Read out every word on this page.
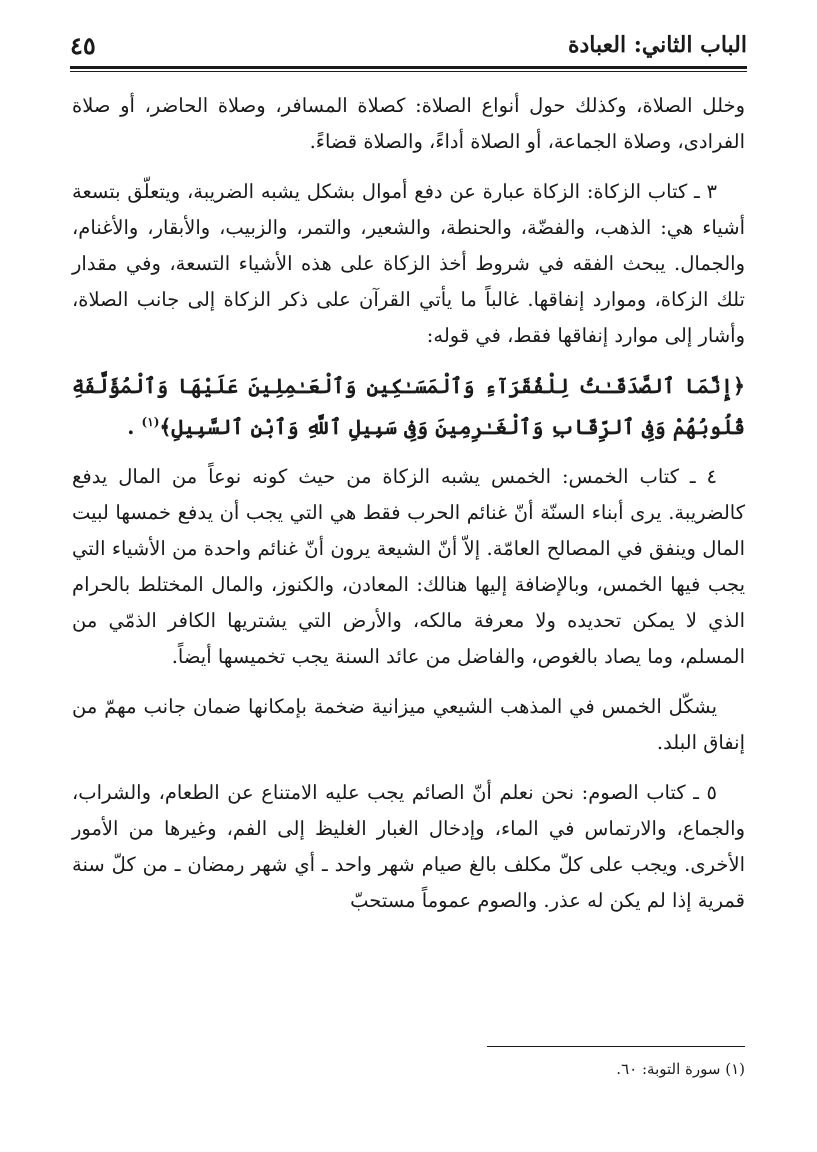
الباب الثاني: العبادة
٤٥

وخلل الصلاة، وكذلك حول أنواع الصلاة: كصلاة المسافر، وصلاة الحاضر، أو صلاة الفرادى، وصلاة الجماعة، أو الصلاة أداءً، والصلاة قضاءً.

٣ ـ كتاب الزكاة: الزكاة عبارة عن دفع أموال بشكل يشبه الضريبة، ويتعلّق بتسعة أشياء هي: الذهب، والفضّة، والحنطة، والشعير، والتمر، والزبيب، والأبقار، والأغنام، والجمال. يبحث الفقه في شروط أخذ الزكاة على هذه الأشياء التسعة، وفي مقدار تلك الزكاة، وموارد إنفاقها. غالباً ما يأتي القرآن على ذكر الزكاة إلى جانب الصلاة، وأشار إلى موارد إنفاقها فقط، في قوله:

﴿إِنَّمَا ٱلصَّدَقَـٰتُ لِلْفُقَرَآءِ وَٱلْمَسَـٰكِينِ وَٱلْعَـٰمِلِينَ عَلَيْهَا وَٱلْمُؤَلَّفَةِ قُلُوبُهُمْ وَفِى ٱلرِّقَابِ وَٱلْغَـٰرِمِينَ وَفِى سَبِيلِ ٱللَّهِ وَٱبْنِ ٱلسَّبِيلِ﴾$^{(١)}$ .

٤ ـ كتاب الخمس: الخمس يشبه الزكاة من حيث كونه نوعاً من المال يدفع كالضريبة. يرى أبناء السنّة أنّ غنائم الحرب فقط هي التي يجب أن يدفع خمسها لبيت المال وينفق في المصالح العامّة. إلاّ أنّ الشيعة يرون أنّ غنائم واحدة من الأشياء التي يجب فيها الخمس، وبالإضافة إليها هنالك: المعادن، والكنوز، والمال المختلط بالحرام الذي لا يمكن تحديده ولا معرفة مالكه، والأرض التي يشتريها الكافر الذمّي من المسلم، وما يصاد بالغوص، والفاضل من عائد السنة يجب تخميسها أيضاً.

يشكّل الخمس في المذهب الشيعي ميزانية ضخمة بإمكانها ضمان جانب مهمّ من إنفاق البلد.

٥ ـ كتاب الصوم: نحن نعلم أنّ الصائم يجب عليه الامتناع عن الطعام، والشراب، والجماع، والارتماس في الماء، وإدخال الغبار الغليظ إلى الفم، وغيرها من الأمور الأخرى. ويجب على كلّ مكلف بالغ صيام شهر واحد ـ أي شهر رمضان ـ من كلّ سنة قمرية إذا لم يكن له عذر. والصوم عموماً مستحبّ

(١) سورة التوبة: ٦٠.
